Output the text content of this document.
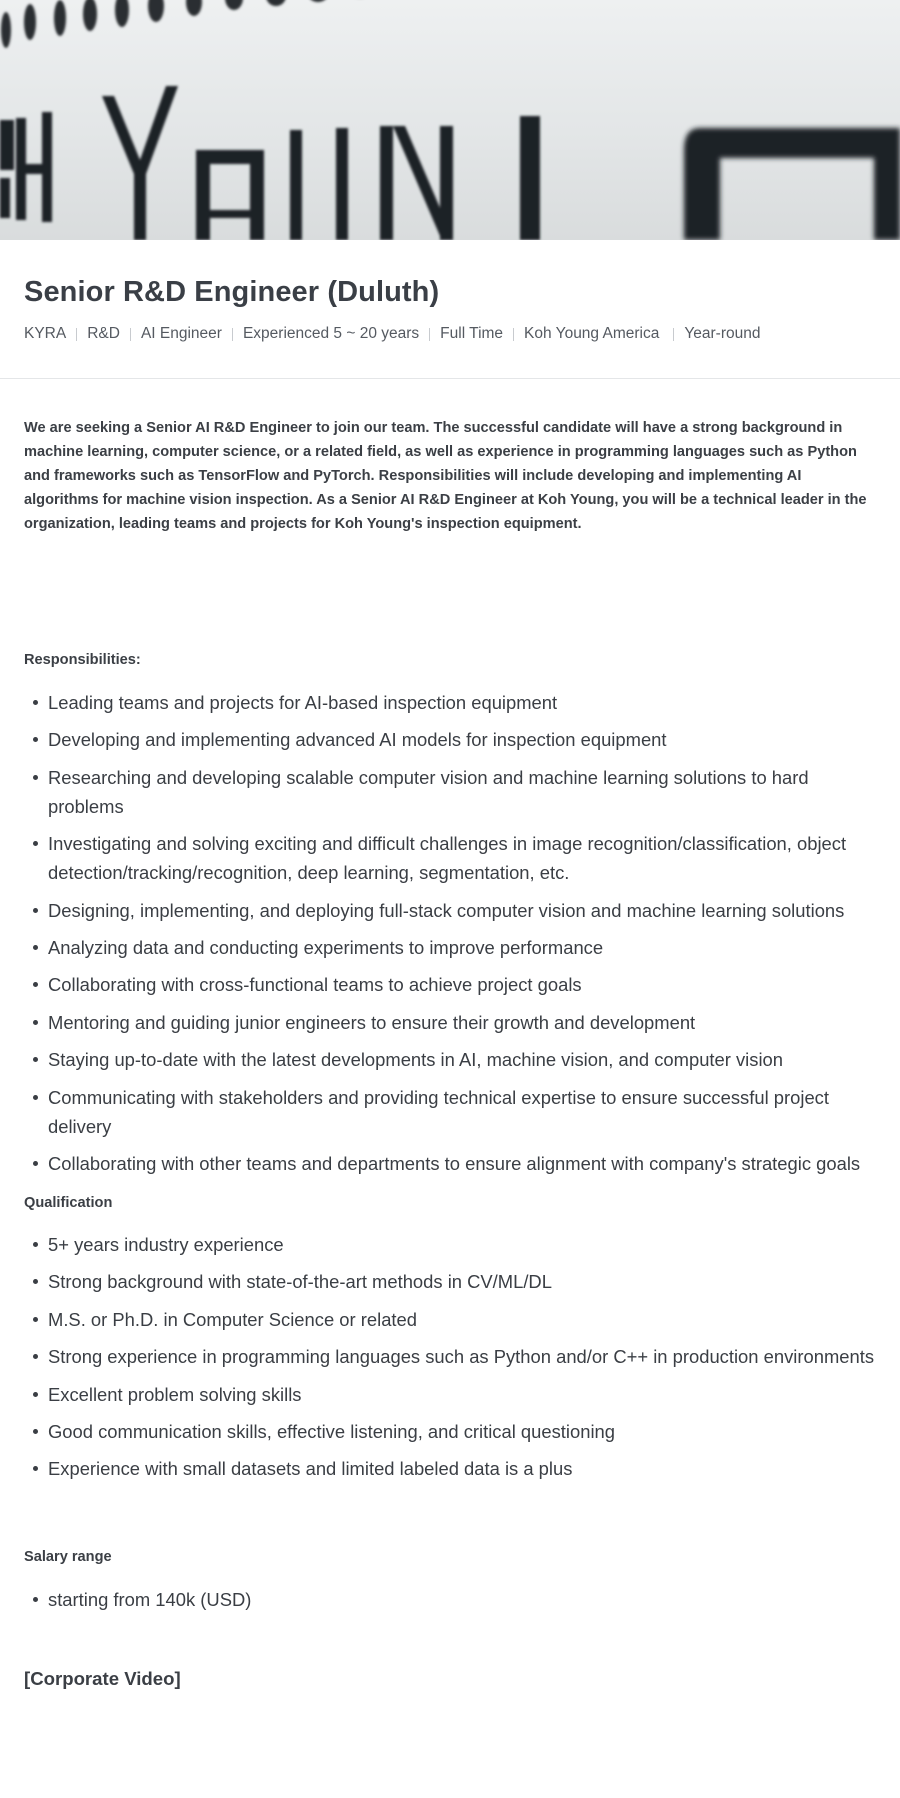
Senior R&D Engineer (Duluth)
KYRA R&D AI Engineer Experienced 5 ~ 20 years Full Time Koh Young America Year-round

We are seeking a Senior AI R&D Engineer to join our team. The successful candidate will have a strong background in machine learning, computer science, or a related field, as well as experience in programming languages such as Python and frameworks such as TensorFlow and PyTorch. Responsibilities will include developing and implementing AI algorithms for machine vision inspection. As a Senior AI R&D Engineer at Koh Young, you will be a technical leader in the organization, leading teams and projects for Koh Young's inspection equipment.

Responsibilities:
Leading teams and projects for AI-based inspection equipment
Developing and implementing advanced AI models for inspection equipment
Researching and developing scalable computer vision and machine learning solutions to hard problems
Investigating and solving exciting and difficult challenges in image recognition/classification, object detection/tracking/recognition, deep learning, segmentation, etc.
Designing, implementing, and deploying full-stack computer vision and machine learning solutions
Analyzing data and conducting experiments to improve performance
Collaborating with cross-functional teams to achieve project goals
Mentoring and guiding junior engineers to ensure their growth and development
Staying up-to-date with the latest developments in AI, machine vision, and computer vision
Communicating with stakeholders and providing technical expertise to ensure successful project delivery
Collaborating with other teams and departments to ensure alignment with company's strategic goals
Qualification
5+ years industry experience
Strong background with state-of-the-art methods in CV/ML/DL
M.S. or Ph.D. in Computer Science or related
Strong experience in programming languages such as Python and/or C++ in production environments
Excellent problem solving skills
Good communication skills, effective listening, and critical questioning
Experience with small datasets and limited labeled data is a plus
Salary range
starting from 140k (USD)
[Corporate Video]
